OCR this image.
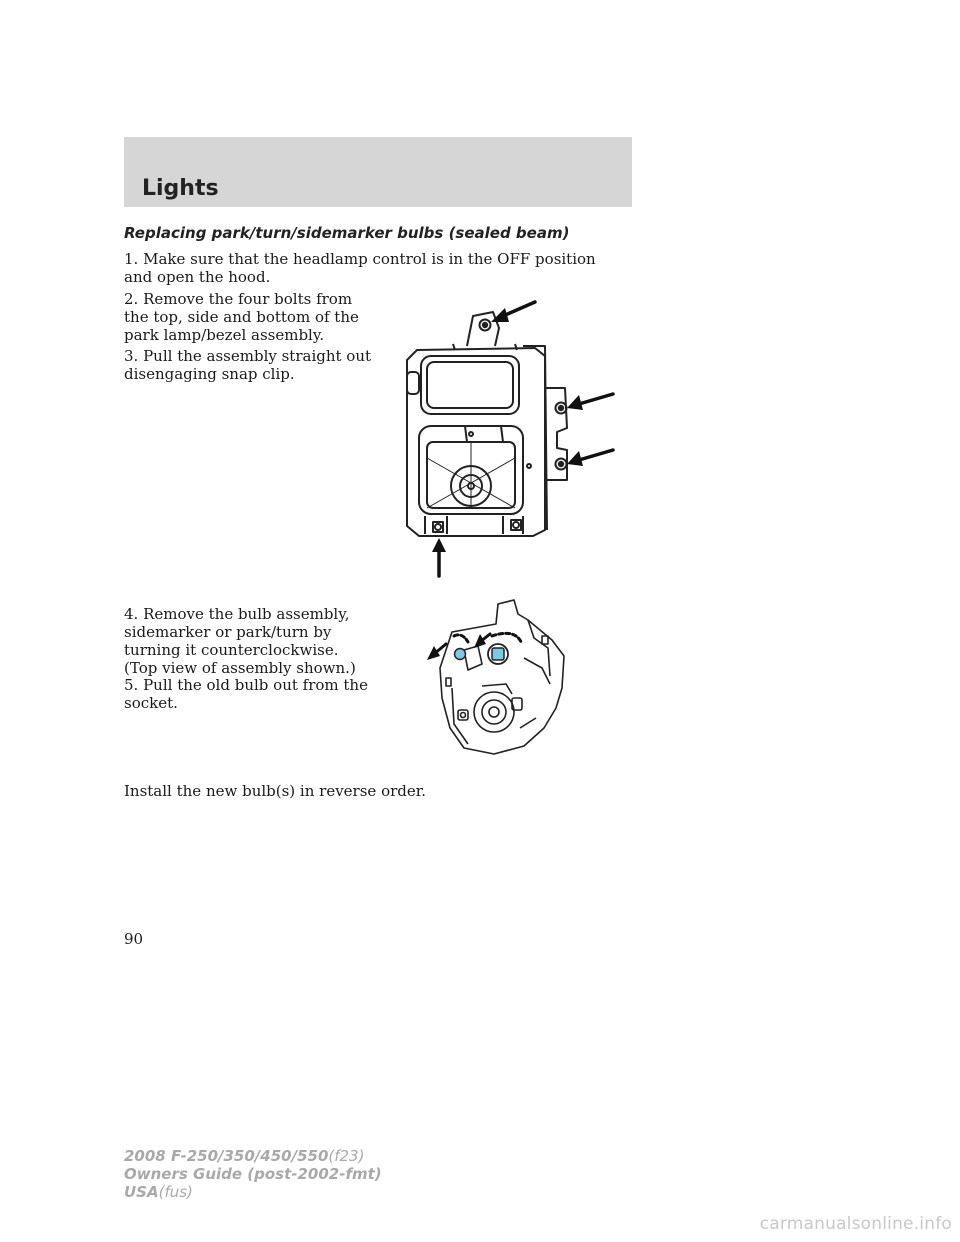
Lights
Replacing park/turn/sidemarker bulbs (sealed beam)
1. Make sure that the headlamp control is in the OFF position and open the hood.
2. Remove the four bolts from the top, side and bottom of the park lamp/bezel assembly.
3. Pull the assembly straight out disengaging snap clip.
4. Remove the bulb assembly, sidemarker or park/turn by turning it counterclockwise. (Top view of assembly shown.)
5. Pull the old bulb out from the socket.
Install the new bulb(s) in reverse order.
90
2008 F-250/350/450/550(f23)
Owners Guide (post-2002-fmt)
USA(fus)
carmanualsonline.info
